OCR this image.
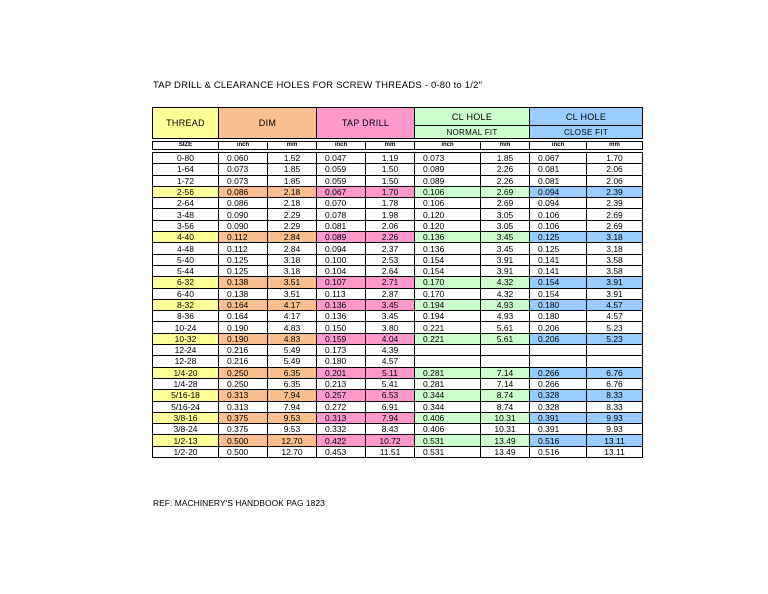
TAP DRILL & CLEARANCE HOLES FOR SCREW THREADS - 0-80 to 1/2"
THREAD	DIM		TAP DRILL		CL HOLE		CL HOLE	
					NORMAL FIT		CLOSE FIT	

SIZE	inch	mm	inch	mm	inch	mm	inch	mm

0-80	0.060	1.52	0.047	1.19	0.073	1.85	0.067	1.70
1-64	0.073	1.85	0.059	1.50	0.089	2.26	0.081	2.06
1-72	0.073	1.85	0.059	1.50	0.089	2.26	0.081	2.06
2-56	0.086	2.18	0.067	1.70	0.106	2.69	0.094	2.39
2-64	0.086	2.18	0.070	1.78	0.106	2.69	0.094	2.39
3-48	0.090	2.29	0.078	1.98	0.120	3.05	0.106	2.69
3-56	0.090	2.29	0.081	2.06	0.120	3.05	0.106	2.69
4-40	0.112	2.84	0.089	2.26	0.136	3.45	0.125	3.18
4-48	0.112	2.84	0.094	2.37	0.136	3.45	0.125	3.18
5-40	0.125	3.18	0.100	2.53	0.154	3.91	0.141	3.58
5-44	0.125	3.18	0.104	2.64	0.154	3.91	0.141	3.58
6-32	0.138	3.51	0.107	2.71	0.170	4.32	0.154	3.91
6-40	0.138	3.51	0.113	2.87	0.170	4.32	0.154	3.91
8-32	0.164	4.17	0.136	3.45	0.194	4.93	0.180	4.57
8-36	0.164	4.17	0.136	3.45	0.194	4.93	0.180	4.57
10-24	0.190	4.83	0.150	3.80	0.221	5.61	0.206	5.23
10-32	0.190	4.83	0.159	4.04	0.221	5.61	0.206	5.23
12-24	0.216	5.49	0.173	4.39				
12-28	0.216	5.49	0.180	4.57				
1/4-20	0.250	6.35	0.201	5.11	0.281	7.14	0.266	6.76
1/4-28	0.250	6.35	0.213	5.41	0.281	7.14	0.266	6.76
5/16-18	0.313	7.94	0.257	6.53	0.344	8.74	0.328	8.33
5/16-24	0.313	7.94	0.272	6.91	0.344	8.74	0.328	8.33
3/8-16	0.375	9.53	0.313	7.94	0.406	10.31	0.391	9.93
3/8-24	0.375	9.53	0.332	8.43	0.406	10.31	0.391	9.93
1/2-13	0.500	12.70	0.422	10.72	0.531	13.49	0.516	13.11
1/2-20	0.500	12.70	0.453	11.51	0.531	13.49	0.516	13.11
REF: MACHINERY'S HANDBOOK PAG 1823
